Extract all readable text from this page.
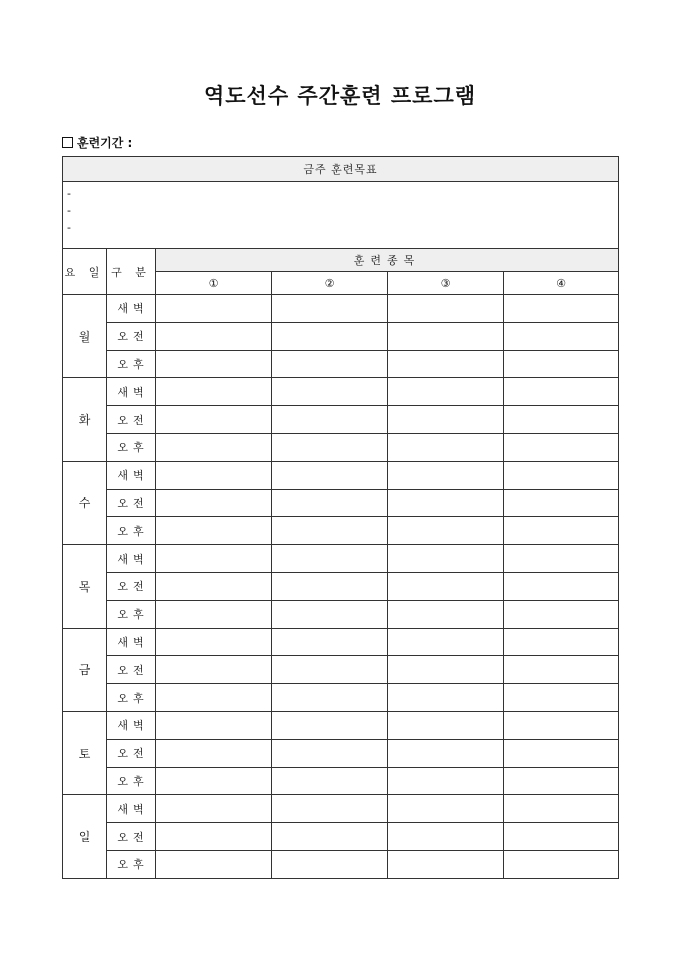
역도선수 주간훈련 프로그램
훈련기간 :
금주 훈련목표					

-
-
-					

요 일	구 분	훈련종목			
		①	②	③	④
월	새벽				
	오전				
	오후				
화	새벽				
	오전				
	오후				
수	새벽				
	오전				
	오후				
목	새벽				
	오전				
	오후				
금	새벽				
	오전				
	오후				
토	새벽				
	오전				
	오후				
일	새벽				
	오전				
	오후				
